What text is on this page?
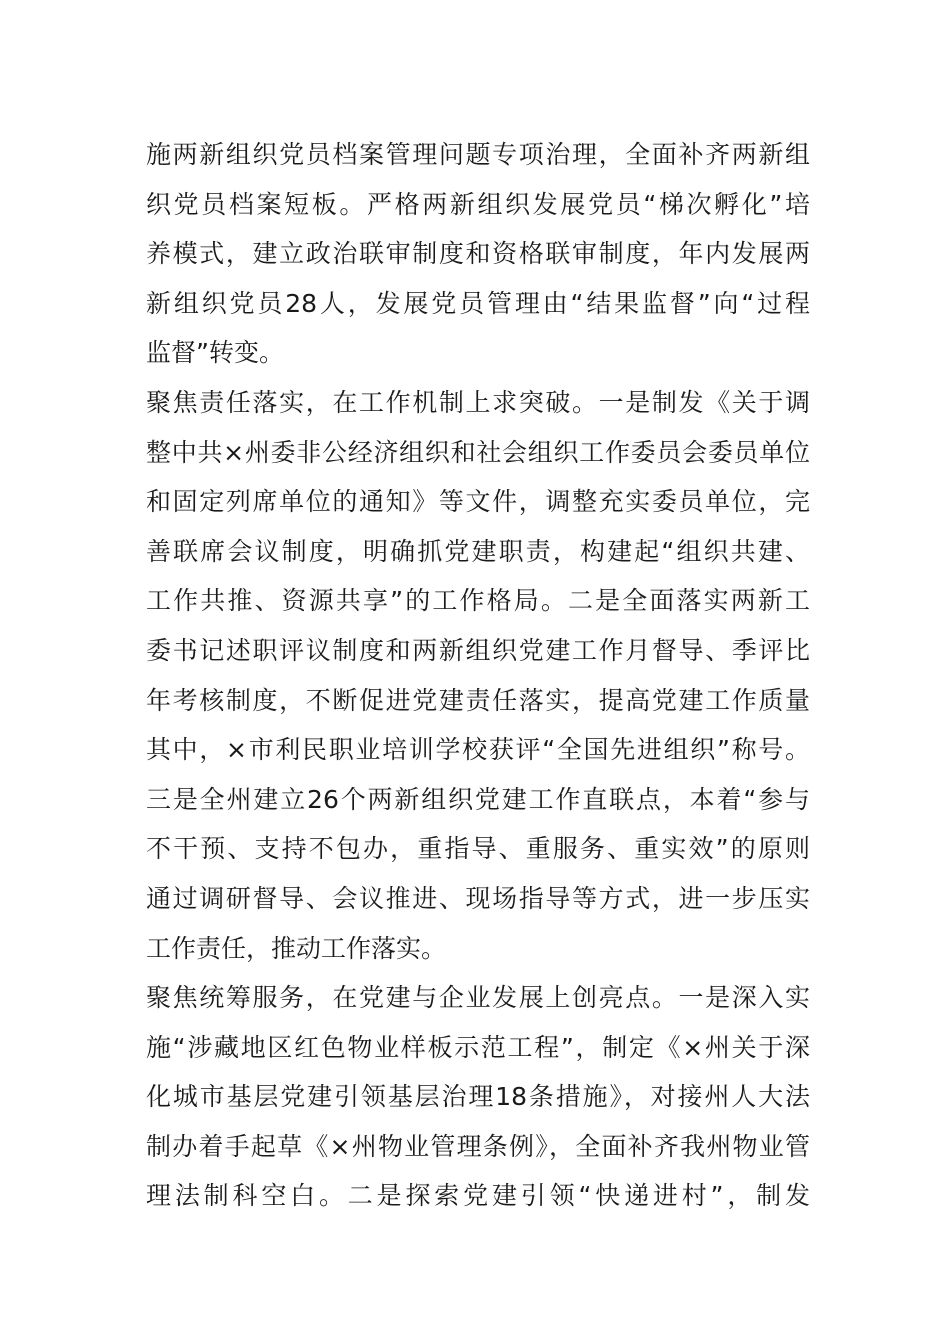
施两新组织党员档案管理问题专项治理，全面补齐两新组
织党员档案短板。严格两新组织发展党员“梯次孵化”培
养模式，建立政治联审制度和资格联审制度，年内发展两
新组织党员28人，发展党员管理由“结果监督”向“过程
监督”转变。
聚焦责任落实，在工作机制上求突破。一是制发《关于调
整中共×州委非公经济组织和社会组织工作委员会委员单位
和固定列席单位的通知》等文件，调整充实委员单位，完
善联席会议制度，明确抓党建职责，构建起“组织共建、
工作共推、资源共享”的工作格局。二是全面落实两新工
委书记述职评议制度和两新组织党建工作月督导、季评比
年考核制度，不断促进党建责任落实，提高党建工作质量
其中，×市利民职业培训学校获评“全国先进组织”称号。
三是全州建立26个两新组织党建工作直联点，本着“参与
不干预、支持不包办，重指导、重服务、重实效”的原则
通过调研督导、会议推进、现场指导等方式，进一步压实
工作责任，推动工作落实。
聚焦统筹服务，在党建与企业发展上创亮点。一是深入实
施“涉藏地区红色物业样板示范工程”，制定《×州关于深
化城市基层党建引领基层治理18条措施》，对接州人大法
制办着手起草《×州物业管理条例》，全面补齐我州物业管
理法制科空白。二是探索党建引领“快递进村”，制发
